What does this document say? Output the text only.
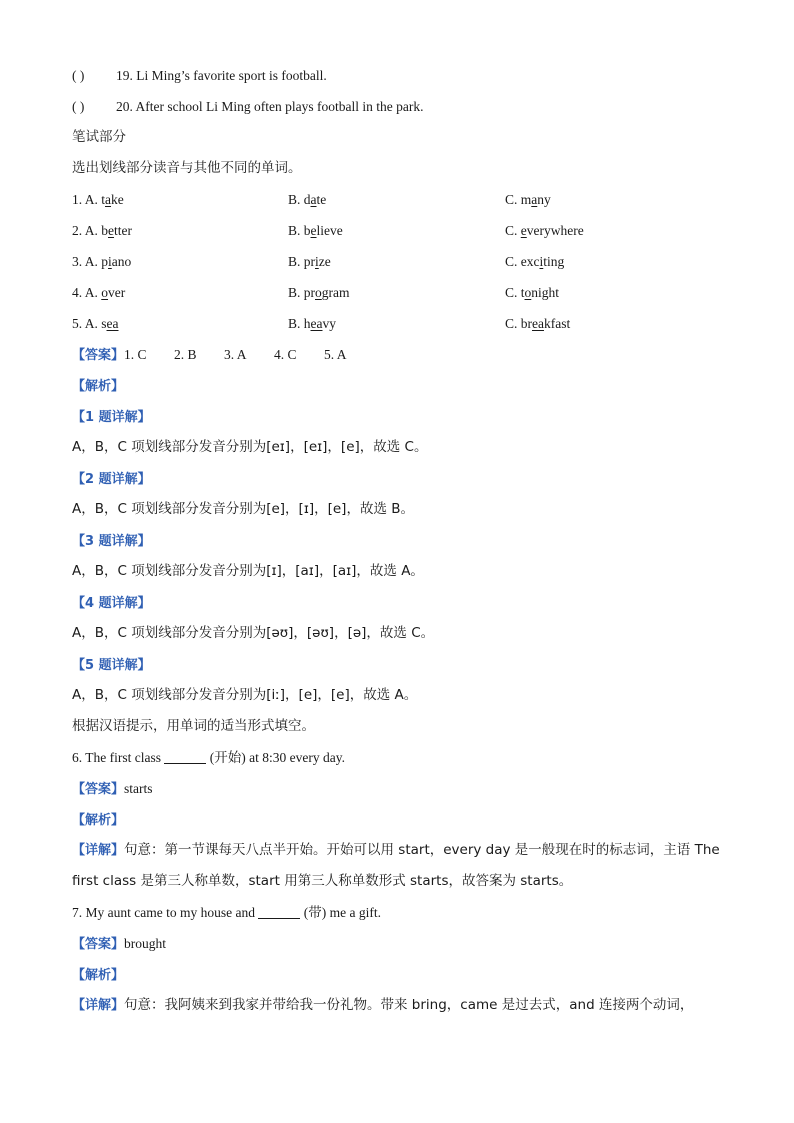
( ) 19. Li Ming’s favorite sport is football.
( ) 20. After school Li Ming often plays football in the park.
笔试部分
选出划线部分读音与其他不同的单词。
1. A. take	B. date	C. many
2. A. better	B. believe	C. everywhere
3. A. piano	B. prize	C. exciting
4. A. over	B. program	C. tonight
5. A. sea	B. heavy	C. breakfast
【答案】1. C 2. B 3. A 4. C 5. A
【解析】
【1 题详解】
A，B，C 项划线部分发音分别为[eɪ]，[eɪ]，[e]，故选 C。
【2 题详解】
A，B，C 项划线部分发音分别为[e]，[ɪ]，[e]，故选 B。
【3 题详解】
A，B，C 项划线部分发音分别为[ɪ]，[aɪ]，[aɪ]，故选 A。
【4 题详解】
A，B，C 项划线部分发音分别为[əʊ]，[əʊ]，[ə]，故选 C。
【5 题详解】
A，B，C 项划线部分发音分别为[iː]，[e]，[e]，故选 A。
根据汉语提示，用单词的适当形式填空。
6. The first class	(开始) at 8:30 every day.
【答案】starts
【解析】
【详解】句意：第一节课每天八点半开始。开始可以用 start，every day 是一般现在时的标志词，主语 The first class 是第三人称单数，start 用第三人称单数形式 starts，故答案为 starts。
7. My aunt came to my house and	(带) me a gift.
【答案】brought
【解析】
【详解】句意：我阿姨来到我家并带给我一份礼物。带来 bring，came 是过去式，and 连接两个动词，
